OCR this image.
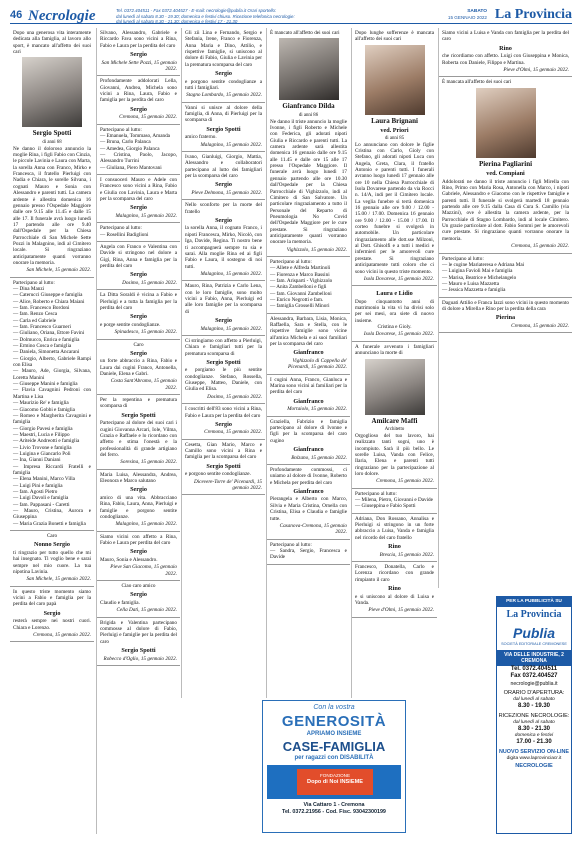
46 Necrologie	Tel. 0372.404511 - Fax 0372.404527 - E-mail: necrologie@publia.it Orari sportello:
dal lunedì al sabato 8.30 - 19.30; domenica e festivi chiuso. Ricezione telefonica necrologie:
dal lunedì al sabato 8.30 - 21.30; domenica e festivi 17 - 21.30
SABATO
15 GENNAIO 2022 La Provincia
Dopo una generosa vita interamente dedicata alla famiglia, al lavoro allo sport, è mancato all'affetto dei suoi cari
Sergio Spotti
di anni 68
Ne danno il doloroso annuncio la moglie Rina, i figli Fabio con Cinzia, le piccole Lavinia e Laura con Marta, la sorella Anna con Franco, Mirko e Francesca, il fratello Pierluigi con Nadia e Chiara, le sorelle Silvana, i cognati Mauro e Sonia con Alessandro e parenti tutti. La camera ardente è allestita domenica 16 gennaio presso l'Ospedale Maggiore dalle ore 9.15 alle 11.45 e dalle 15 alle 17. Il funerale avrà luogo lunedì 17 partendo alle ore 9.40 dall'Ospedale per la Chiesa Parrocchiale di San Michele Sette Pozzi in Malagnino, indi al Cimitero locale. Si ringraziano anticipatamente quanti vorranno onorare la memoria.
San Michele, 15 gennaio 2022.
Partecipano al lutto:
— Dina Manzi
— Caterucci Giuseppe e famiglia
— Alice, Roberto e Chiara Maiani
— fam. Francesco Bordoni
— fam. Renzo Cesca
— Carla ed Gabriele
— fam. Francesco Guarneri
— Giuliano, Oriana, Ettore Favini
— Dolmucco, Enrica e famiglia
— Ermino Cosca e famiglia
— Daniela, Simonetta Ancarani
— Giorgio, Alberto, Gabriele Rampi con Elisa
— Mauro, Ade, Giorgia, Silvana, Loretta Manini
— Giuseppe Manini e famiglia
— Flavia Cavagnini Pedroni con Martina e Lisa
— Maurizio Re' e famiglia
— Giacomo Gobbi e famiglia
— Romeo e Margherita Cavagnini e famiglia
— Giorgio Pavesi e famiglia
— Maestri, Lucia e Filippo
— Ariteide Andreotti e famiglia
— Livio Trovone e famiglia
— Luigina e Giancarlo Poli
— Ina, Gianni Daniani
— Impresa Riccardi Fratelli e famiglia
— Elena Manini, Marco Villa
— Luigi Pini e famiglia
— fam. Agosti Pietro
— Luigi Davoli e famiglia
— fam. Pappasani - Caretti
— Mauro, Cristina, Aurora e Giuseppina
— Maria Grazia Bonetti e famiglia
Caro
Nonno Sergio
ti ringrazio per tutto quello che mi hai insegnato. Ti voglio bene e sarai sempre nel mio cuore. La tua nipotina Lavinia.
San Michele, 15 gennaio 2022.
In questo triste momento siamo vicini a Fabio e famiglia per la perdita del caro papà
Sergio
resterà sempre nei nostri cuori. Chiara e Lorenzo.
Cremona, 15 gennaio 2022.
Silvano, Alessandro, Gabriele e Riccardo Fava sono vicini a Rina, Fabio e Laura per la perdita del caro
Sergio
San Michele Sette Pozzi, 15 gennaio 2022.
Profondamente addolorati Lella, Giovanni, Andrea, Michela sono vicini a Rina, Laura, Fabio e famiglia per la perdita del caro
Sergio
Cremona, 15 gennaio 2022.
Partecipano al lutto:
— Emanuela, Tommaso, Amanda
— Bruna, Carlo Palanca
— Amedea, Giorgio Palanca
— Cristina, Paolo, Jacopo, Alessandro Turrini
— Giuliana, Piero Mantovani
I consuoceri Mauro e Adele con Francesco sono vicini a Rina, Fabio e Giulia con Lavinia, Laura e Marta per la scomparsa del caro
Sergio
Malagnino, 15 gennaio 2022.
Partecipano al lutto:
— Rosellini Badiglioni
Angela con Franco e Valentina con Davide si stringono nel dolore a Gigi, Rina, Anna e famiglia per la perdita del caro
Sergio
Dosimo, 15 gennaio 2022.
La Ditta Soraldi è vicina a Fabio e Pierluigi e a tutta la famiglia per la perdita del caro
Sergio
e porge sentite condoglianze.
Spinadesco, 15 gennaio 2022.
Caro
Sergio
un forte abbraccio a Rina, Fabio e Laura dai cugini Franco, Antonella, Daniele, Elena e Gabri.
Costa Sant'Abramo, 15 gennaio 2022.
Per la repentina e prematura scomparsa di
Sergio Spotti
Partecipano al dolore dei suoi cari i cugini Giovanna Arcari, Iole, Vilma, Grazia e Raffaele e lo ricordano con affetto e stima l'onestà e la professionalità di grande artigiano del ferro.
Soresina, 15 gennaio 2022.
Maria Luisa, Alessandra, Andrea, Eleonora e Marco salutano
Sergio
amico di una vita. Abbracciano Rina, Fabio, Laura, Anna, Pierluigi e famiglie e porgono sentite condoglianze.
Malagnino, 15 gennaio 2022.
Siamo vicini con affetto a Rina, Fabio e Laura per perdita del caro
Sergio
Mauro, Sonia e Alessandro.
Pieve San Giacomo, 15 gennaio 2022.
Ciao caro amico
Sergio
Claudio e famiglia.
Cella Dati, 15 gennaio 2022.
Brigida e Valentina partecipano commosse al dolore di Fabio, Pierluigi e famiglie per la perdita del caro
Sergio Spotti
Robecco d'Oglio, 15 gennaio 2022.
Gli zii Lina e Fernando, Sergio e Stefania, Irene, Franco e Fiorenza, Anna Maria e Dino, Attilio, e rispettive famiglie, si uniscono al dolore di Fabio, Giulia e Lavinia per la prematura scomparsa del caro
Sergio
e porgono sentite condoglianze a tutti i famigliari.
Stagno Lombardo, 15 gennaio 2022.
Vanni si unisce al dolore della famiglia, di Anna, di Pierluigi per la scomparsa di
Sergio Spotti
amico fraterno.
Malagnino, 15 gennaio 2022.
Ivano, Gianluigi, Giorgio, Mattia, Alessandro e collaboratori partecipano al lutto dei famigliari per la scomparsa del caro
Sergio
Pieve Delmona, 15 gennaio 2022.
Nello sconforto per la morte del fratello
Sergio
la sorella Anna, il cognato Franco, i nipoti Francesca, Mirko, Nicolò, con Iga, Davide, Regina. Ti nostro bene ti accompagnerà sempre tu sia e sarai. Alla moglie Rina ed ai figli Fabio e Laura, il sostegno di noi tutti.
Malagnino, 15 gennaio 2022.
Mauro, Rina, Patrizia e Carlo Lena, con le loro famiglie, sono molto vicini a Fabio, Anna, Pierluigi ed alle loro famiglie per la scomparsa di
Sergio
Malagnino, 15 gennaio 2022.
Ci stringiamo con affetto a Pierluigi, Chiara e famigliari tutti per la prematura scomparsa di
Sergio Spotti
e porgiamo le più sentite condoglianze. Stefano, Rossella, Giuseppe, Matteo, Daniele, con Giulia ed Elisa.
Dosimo, 15 gennaio 2022.
I coscritti dell'83 sono vicini a Rina, Fabio e Laura per la perdita del caro
Sergio
Cremona, 15 gennaio 2022.
Cesetta, Gian Mario, Marco e Camillo sono vicini a Rina e famiglia per la scomparsa del caro
Sergio Spotti
e porgono sentite condoglianze.
Dicevere-Torre de' Picenardi, 15 gennaio 2022.
È mancato all'affetto dei suoi cari
Gianfranco Dilda
di anni 86
Ne danno il triste annuncio la moglie Ivonne, i figli Roberto e Michele con Federica, gli adorati nipoti Giulia e Riccardo e parenti tutti. La camera ardente sarà allestita domenica 16 gennaio dalle ore 9.15 alle 11.45 e dalle ore 15 alle 17 presso l'Ospedale Maggiore. Il funerale avrà luogo lunedì 17 gennaio partendo alle ore 10.30 dall'Ospedale per la Chiesa Parrocchiale di Vighizzolo, indi al Cimitero di San Salvatore. Un particolare ringraziamento a tutto il Personale del Reparto di Pneumologia No Covid dell'Ospedale Maggiore per le cure prestate. Si ringraziano anticipatamente quanti vorranno onorare la memoria.
Vighizzolo, 15 gennaio 2022.
Partecipano al lutto:
— Allete e Alfreda Martinoli
— Fiorenza e Marco Bassini
— fam. Arisparti - Vighizzolo
— Anita Zambelloni e figli
— fam. Giovanni Zambelloni
— Enrico Negrotti e fam.
— famiglia Grosselli Minori
Alessandra, Barbara, Lisia, Monica, Raffaella, Sara e Stella, con le rispettive famiglie sono vicine all'amica Michela e ai suoi familiari per la scomparsa del caro
Gianfranco
Vighizzolo di Cappella de' Picenardi, 15 gennaio 2022.
I cugini Anna, Franco, Gianluca e Marina sono vicini ai familiari per la perdita del caro
Gianfranco
Mortaiolo, 15 gennaio 2022.
Graziella, Fabrizio e famiglia partecipano al dolore di Ivonne e figli per la scomparsa del caro cugino
Gianfranco
Bolzano, 15 gennaio 2022.
Profondamente commossi, ci uniamo al dolore di Ivonne, Roberto e Michela per perdita del caro
Gianfranco
Pierangela e Alberto con Marco, Silvia e Maria Cristina, Ornella con Cristina, Elisa e Claudia e famiglie tutte.
Casanova-Cremona, 15 gennaio 2022.
Partecipano al lutto:
— Sandra, Sergio, Francesca e Davide
Dopo lunghe sofferenze è mancata all'affetto dei suoi cari
Laura Brignani
ved. Priori
di anni 85
Lo annunciano con dolore le figlie Cristina con Carlo, Gioly con Stefano, gli adorati nipoti Luca con Angela, Greta, Clara, il fratello Antonio e parenti tutti. I funerali avranno luogo lunedì 17 gennaio alle ore 10 nella Chiesa Parrocchiale di Isola Dovarese partendo da via Rocci n. 14/A, indi per il Cimitero locale. La veglia funebre si terrà domenica 16 gennaio alle ore 9.00 / 12.00 - 15.00 / 17.00. Domenica 16 gennaio ore 9.00 / 12.00 - 15.00 / 17.00. Il corteo funebre si svolgerà in automobile. Un particolare ringraziamento alle dott.sse Milzoni, al Dott. Ghisolfi e a tutti i medici e infermieri per le amorevoli cure prestate. Si ringraziano anticipatamente tutti coloro che ci sono vicini in questo triste momento.
Isola Dovarese, 15 gennaio 2022.
Laura e Lidio
Dopo cinquantotto anni di matrimonio la vita vi ha divisi solo per sei mesi, ora siete di nuovo insieme.
Cristina e Gioly.
Isola Dovarese, 15 gennaio 2022.
A funerale avvenuto i famigliari annunciano la morte di
Amilcare Maffi
Architetto
Orgoglioso del tuo lavoro, hai realizzato tanti sogni, uno è incompiuto. Sarà il più bello. Le sorelle Luisa, Vanda con Felice, Ilaria, Elena e parenti tutti ringraziano per la partecipazione al loro dolore.
Cremona, 15 gennaio 2022.
Partecipano al lutto:
— Milena, Pietro, Giovanni e Davide
— Giuseppina e Fabio Spotti
Adriana, Don Rossano, Annalisa e Pierluigi si stringono in un forte abbraccio a Luisa, Vanda e famiglia nel ricordo del caro fratello
Rino
Brescia, 15 gennaio 2022.
Francesco, Donatella, Carlo e Lorenza ricordano con grande rimpianto il caro
Rino
e si uniscono al dolore di Luisa e Vanda.
Pieve d'Olmi, 15 gennaio 2022.
Siamo vicini a Luisa e Vanda con famiglia per la perdita del caro
Rino
che ricordiamo con affetto. Luigi con Giuseppina e Monica, Roberta con Daniele, Filippo e Martina.
Pieve d'Olmi, 15 gennaio 2022.
È mancata all'affetto dei suoi cari
Pierina Pagliarini
ved. Compiani
Addolorati ne danno il triste annuncio i figli Mirella con Rino, Primo con Maria Rosa, Antonella con Marco, i nipoti Gabriele, Alessandro e Giacomo con le rispettive famiglie e parenti tutti. Il funerale si svolgerà martedì 18 gennaio partendo alle ore 9.15 dalla Casa di Cura S. Camillo (via Mazzini), ove è allestita la camera ardente, per la Parrocchiale di Stagno Lombardo, indi al locale Cimitero. Un grazie particolare al dott. Fabio Sommi per le amorevoli cure prestate. Si ringraziano quanti vorranno onorare la memoria.
Cremona, 15 gennaio 2022.
Partecipano al lutto:
— le cugine Mariateresa e Adriana Mai
— Luigina Favioli Mai e famiglia
— Marisa, Beatrice e Michelangelo
— Mauro e Luisa Mazzetta
— Jessica Mazzetta e famiglia
Daguati Attilio e Franca Iazzi sono vicini in questo momento di dolore a Mirella e Rino per la perdita della cara
Pierina
Cremona, 15 gennaio 2022.
Con la vostra
GENEROSITÀ
APRIAMO INSIEME
CASE-FAMIGLIA
per ragazzi con DISABILITÀ
FONDAZIONE
Dopo di Noi INSIEME
Via Cattaro 1 - Cremona
Tel. 0372.21956 - Cod. Fisc. 93042300199
PER LA PUBBLICITÀ SU
La Provincia
Publia
SOCIETÀ EDITORIALE CREMONESE
VIA DELLE INDUSTRIE, 2 CREMONA
Tel. 0372.404511
Fax 0372.404527
necrologie@publia.it
ORARIO D'APERTURA:
dal lunedì al sabato
8.30 - 19.30
RICEZIONE NECROLOGIE:
dal lunedì al sabato
8.30 - 21.30
domenica e festivi
17.00 - 21.30
NUOVO SERVIZIO ON-LINE
digita www.laprovinciacr.it
NECROLOGIE
